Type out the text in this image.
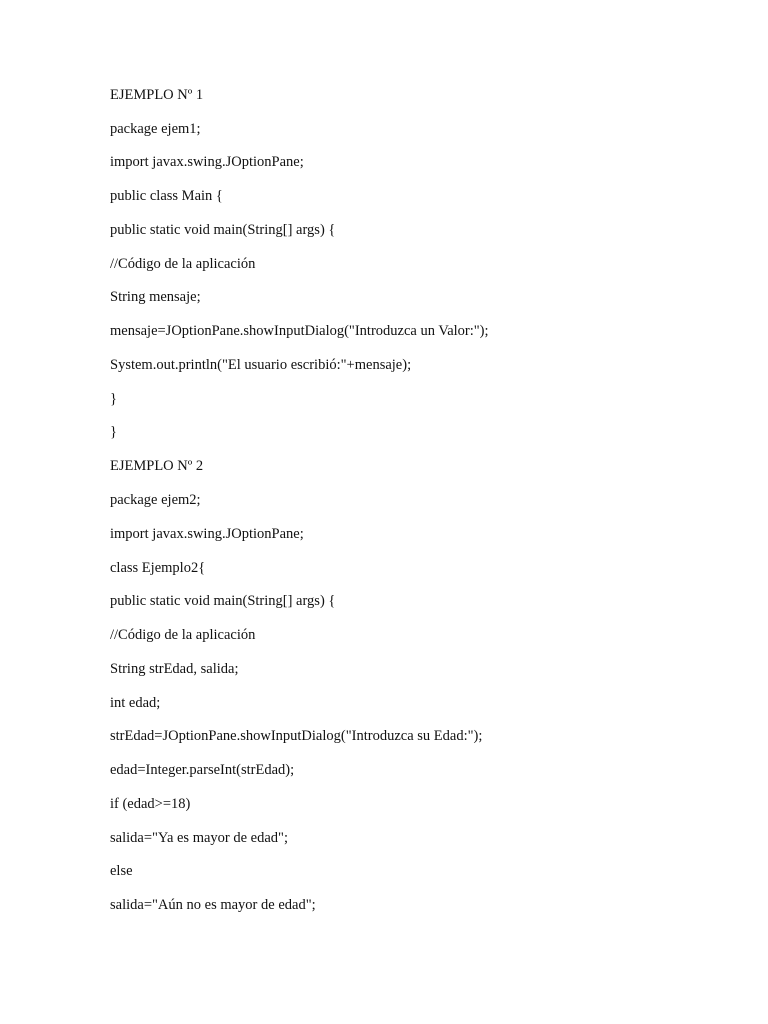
EJEMPLO Nº 1

package ejem1;

import javax.swing.JOptionPane;

public class Main {

public static void main(String[] args) {

//Código de la aplicación

String mensaje;

mensaje=JOptionPane.showInputDialog("Introduzca un Valor:");

System.out.println("El usuario escribió:"+mensaje);

}

}

EJEMPLO Nº 2

package ejem2;

import javax.swing.JOptionPane;

class Ejemplo2{

public static void main(String[] args) {

//Código de la aplicación

String strEdad, salida;

int edad;

strEdad=JOptionPane.showInputDialog("Introduzca su Edad:");

edad=Integer.parseInt(strEdad);

if (edad>=18)

salida="Ya es mayor de edad";

else

salida="Aún no es mayor de edad";
